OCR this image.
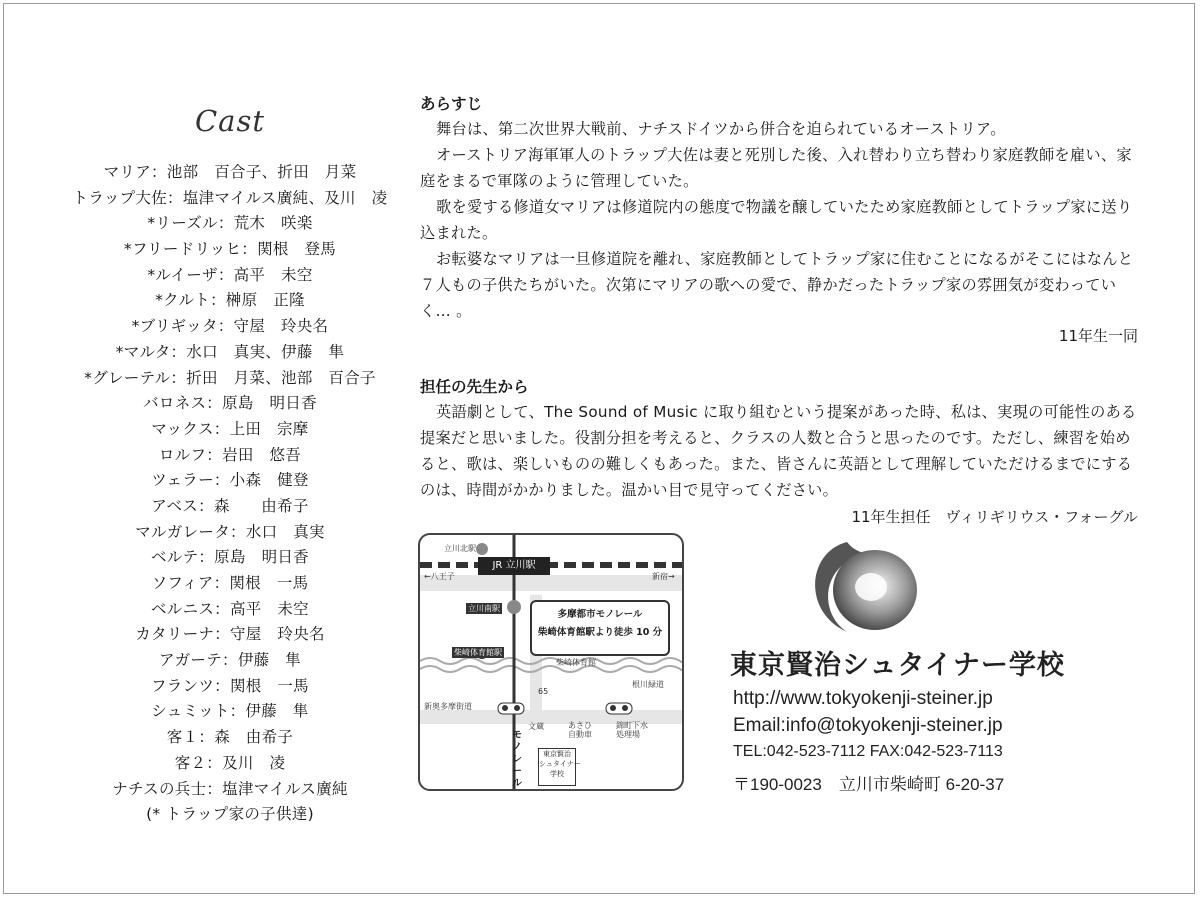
Cast
マリア：池部　百合子、折田　月菜
トラップ大佐：塩津マイルス廣純、及川　凌
*リーズル：荒木　咲楽
*フリードリッヒ：関根　登馬
*ルイーザ：高平　未空
*クルト：榊原　正隆
*ブリギッタ：守屋　玲央名
*マルタ：水口　真実、伊藤　隼
*グレーテル：折田　月菜、池部　百合子
バロネス：原島　明日香
マックス：上田　宗摩
ロルフ：岩田　悠吾
ツェラー：小森　健登
アベス：森　　由希子
マルガレータ：水口　真実
ベルテ：原島　明日香
ソフィア：関根　一馬
ベルニス：高平　未空
カタリーナ：守屋　玲央名
アガーテ：伊藤　隼
フランツ：関根　一馬
シュミット：伊藤　隼
客１：森　由希子
客２：及川　凌
ナチスの兵士：塩津マイルス廣純
(* トラップ家の子供達)
あらすじ

舞台は、第二次世界大戦前、ナチスドイツから併合を迫られているオーストリア。

オーストリア海軍軍人のトラップ大佐は妻と死別した後、入れ替わり立ち替わり家庭教師を雇い、家庭をまるで軍隊のように管理していた。

歌を愛する修道女マリアは修道院内の態度で物議を醸していたため家庭教師としてトラップ家に送り込まれた。

お転婆なマリアは一旦修道院を離れ、家庭教師としてトラップ家に住むことになるがそこにはなんと７人もの子供たちがいた。次第にマリアの歌への愛で、静かだったトラップ家の雰囲気が変わっていく… 。

11年生一同
担任の先生から

英語劇として、The Sound of Music に取り組むという提案があった時、私は、実現の可能性のある提案だと思いました。役割分担を考えると、クラスの人数と合うと思ったのです。ただし、練習を始めると、歌は、楽しいものの難しくもあった。また、皆さんに英語として理解していただけるまでにするのは、時間がかかりました。温かい目で見守ってください。

11年生担任　ヴィリギリウス・フォーグル
立川北駅
←八王子	新宿→
立川南駅
柴崎体育館駅
柴崎体育館
根川緑道
65
新奥多摩街道
文蔵	あさひ
自動車
錦町下水
処理場
JR 立川駅
多摩都市モノレール
柴崎体育館駅より徒歩 10 分
モノレール
東京賢治
シュタイナー
学校
東京賢治シュタイナー学校

http://www.tokyokenji-steiner.jp

Email:info@tokyokenji-steiner.jp

TEL:042-523-7112 FAX:042-523-7113

〒190-0023　立川市柴崎町 6-20-37
